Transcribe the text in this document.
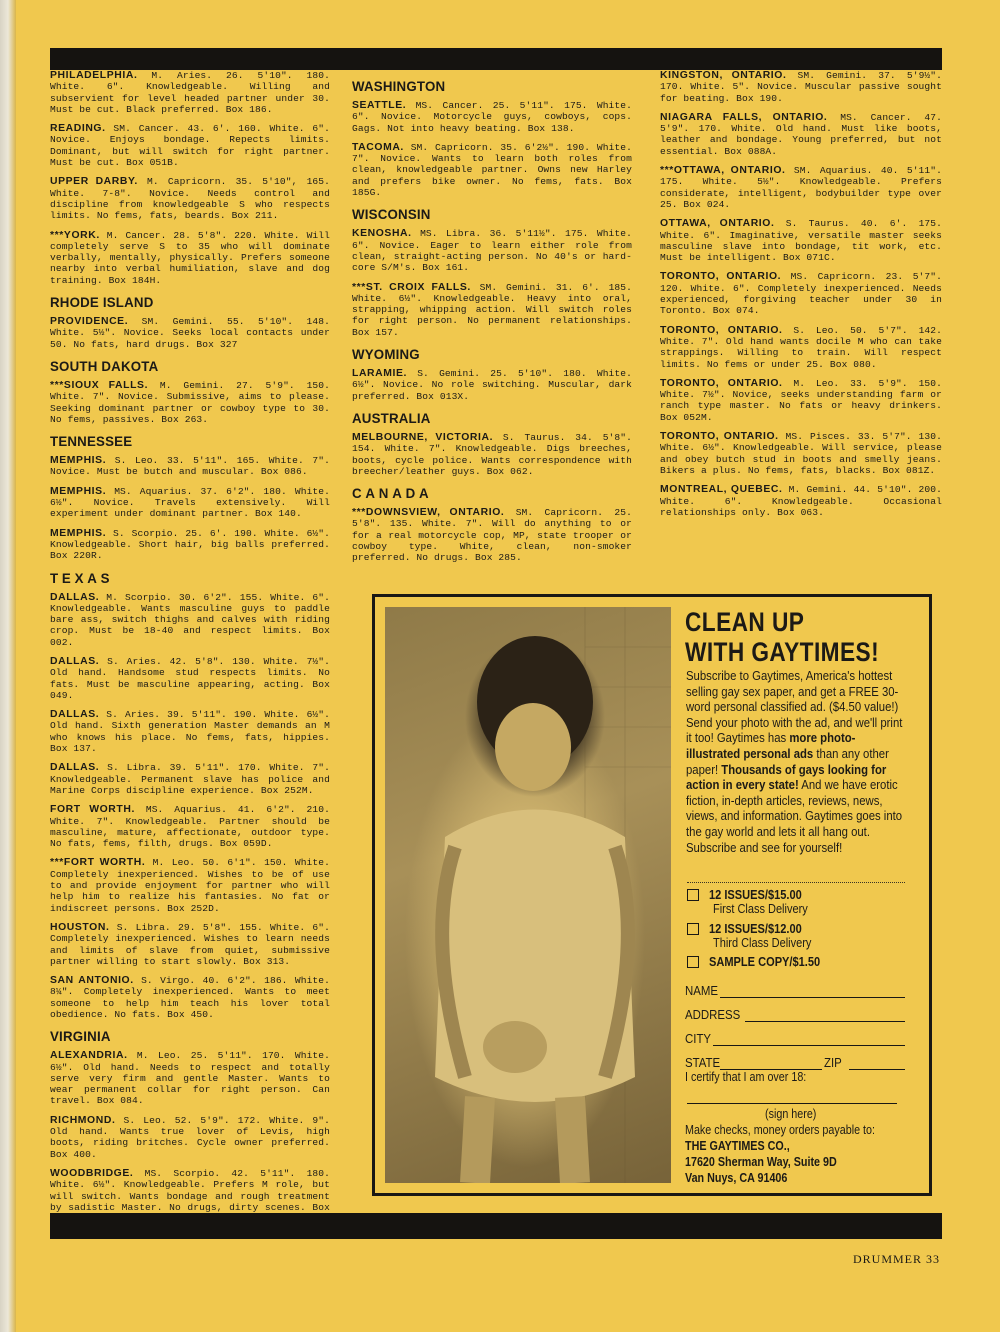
PHILADELPHIA. M. Aries. 26. 5'10". 180. White. 6". Knowledgeable. Willing and subservient for level headed partner under 30. Must be cut. Black preferred. Box 186.
READING. SM. Cancer. 43. 6'. 160. White. 6". Novice. Enjoys bondage. Repects limits. Dominant, but will switch for right partner. Must be cut. Box 051B.
UPPER DARBY. M. Capricorn. 35. 5'10", 165. White. 7-8". Novice. Needs control and discipline from knowledgeable S who respects limits. No fems, fats, beards. Box 211.
***YORK. M. Cancer. 28. 5'8". 220. White. Will completely serve S to 35 who will dominate verbally, mentally, physically. Prefers someone nearby into verbal humiliation, slave and dog training. Box 184H.
RHODE ISLAND
PROVIDENCE. SM. Gemini. 55. 5'10". 148. White. 5½". Novice. Seeks local contacts under 50. No fats, hard drugs. Box 327
SOUTH DAKOTA
***SIOUX FALLS. M. Gemini. 27. 5'9". 150. White. 7". Novice. Submissive, aims to please. Seeking dominant partner or cowboy type to 30. No fems, passives. Box 263.
TENNESSEE
MEMPHIS. S. Leo. 33. 5'11". 165. White. 7". Novice. Must be butch and muscular. Box 086.
MEMPHIS. MS. Aquarius. 37. 6'2". 180. White. 6½". Novice. Travels extensively. Will experiment under dominant partner. Box 140.
MEMPHIS. S. Scorpio. 25. 6'. 190. White. 6½". Knowledgeable. Short hair, big balls preferred. Box 220R.
TEXAS
DALLAS. M. Scorpio. 30. 6'2". 155. White. 6". Knowledgeable. Wants masculine guys to paddle bare ass, switch thighs and calves with riding crop. Must be 18-40 and respect limits. Box 002.
DALLAS. S. Aries. 42. 5'8". 130. White. 7½". Old hand. Handsome stud respects limits. No fats. Must be masculine appearing, acting. Box 049.
DALLAS. S. Aries. 39. 5'11". 190. White. 6½". Old hand. Sixth generation Master demands an M who knows his place. No fems, fats, hippies. Box 137.
DALLAS. S. Libra. 39. 5'11". 170. White. 7". Knowledgeable. Permanent slave has police and Marine Corps discipline experience. Box 252M.
FORT WORTH. MS. Aquarius. 41. 6'2". 210. White. 7". Knowledgeable. Partner should be masculine, mature, affectionate, outdoor type. No fats, fems, filth, drugs. Box 059D.
***FORT WORTH. M. Leo. 50. 6'1". 150. White. Completely inexperienced. Wishes to be of use to and provide enjoyment for partner who will help him to realize his fantasies. No fat or indiscreet persons. Box 252D.
HOUSTON. S. Libra. 29. 5'8". 155. White. 6". Completely inexperienced. Wishes to learn needs and limits of slave from quiet, submissive partner willing to start slowly. Box 313.
SAN ANTONIO. S. Virgo. 40. 6'2". 186. White. 8¼". Completely inexperienced. Wants to meet someone to help him teach his lover total obedience. No fats. Box 450.
VIRGINIA
ALEXANDRIA. M. Leo. 25. 5'11". 170. White. 6½". Old hand. Needs to respect and totally serve very firm and gentle Master. Wants to wear permanent collar for right person. Can travel. Box 084.
RICHMOND. S. Leo. 52. 5'9". 172. White. 9". Old hand. Wants true lover of Levis, high boots, riding britches. Cycle owner preferred. Box 400.
WOODBRIDGE. MS. Scorpio. 42. 5'11". 180. White. 6½". Knowledgeable. Prefers M role, but will switch. Wants bondage and rough treatment by sadistic Master. No drugs, dirty scenes. Box
WASHINGTON
SEATTLE. MS. Cancer. 25. 5'11". 175. White. 6". Novice. Motorcycle guys, cowboys, cops. Gags. Not into heavy beating. Box 138.
TACOMA. SM. Capricorn. 35. 6'2½". 190. White. 7". Novice. Wants to learn both roles from clean, knowledgeable partner. Owns new Harley and prefers bike owner. No fems, fats. Box 185G.
WISCONSIN
KENOSHA. MS. Libra. 36. 5'11½". 175. White. 6". Novice. Eager to learn either role from clean, straight-acting person. No 40's or hard-core S/M's. Box 161.
***ST. CROIX FALLS. SM. Gemini. 31. 6'. 185. White. 6½". Knowledgeable. Heavy into oral, strapping, whipping action. Will switch roles for right person. No permanent relationships. Box 157.
WYOMING
LARAMIE. S. Gemini. 25. 5'10". 180. White. 6½". Novice. No role switching. Muscular, dark preferred. Box 013X.
AUSTRALIA
MELBOURNE, VICTORIA. S. Taurus. 34. 5'8". 154. White. 7". Knowledgeable. Digs breeches, boots, cycle police. Wants correspondence with breecher/leather guys. Box 062.
CANADA
***DOWNSVIEW, ONTARIO. SM. Capricorn. 25. 5'8". 135. White. 7". Will do anything to or for a real motorcycle cop, MP, state trooper or cowboy type. White, clean, non-smoker preferred. No drugs. Box 285.
KINGSTON, ONTARIO. SM. Gemini. 37. 5'9½". 170. White. 5". Novice. Muscular passive sought for beating. Box 190.
NIAGARA FALLS, ONTARIO. MS. Cancer. 47. 5'9". 170. White. Old hand. Must like boots, leather and bondage. Young preferred, but not essential. Box 088A.
***OTTAWA, ONTARIO. SM. Aquarius. 40. 5'11". 175. White. 5½". Knowledgeable. Prefers considerate, intelligent, bodybuilder type over 25. Box 024.
OTTAWA, ONTARIO. S. Taurus. 40. 6'. 175. White. 6". Imaginative, versatile master seeks masculine slave into bondage, tit work, etc. Must be intelligent. Box 071C.
TORONTO, ONTARIO. MS. Capricorn. 23. 5'7". 120. White. 6". Completely inexperienced. Needs experienced, forgiving teacher under 30 in Toronto. Box 074.
TORONTO, ONTARIO. S. Leo. 50. 5'7". 142. White. 7". Old hand wants docile M who can take strappings. Willing to train. Will respect limits. No fems or under 25. Box 080.
TORONTO, ONTARIO. M. Leo. 33. 5'9". 150. White. 7½". Novice, seeks understanding farm or ranch type master. No fats or heavy drinkers. Box 052M.
TORONTO, ONTARIO. MS. Pisces. 33. 5'7". 130. White. 6½". Knowledgeable. Will service, please and obey butch stud in boots and smelly jeans. Bikers a plus. No fems, fats, blacks. Box 081Z.
MONTREAL, QUEBEC. M. Gemini. 44. 5'10". 200. White. 6". Knowledgeable. Occasional relationships only. Box 063.
CLEAN UP
WITH GAYTIMES!
Subscribe to Gaytimes, America's hottest selling gay sex paper, and get a FREE 30-word personal classified ad. ($4.50 value!) Send your photo with the ad, and we'll print it too! Gaytimes has more photo-illustrated personal ads than any other paper! Thousands of gays looking for action in every state! And we have erotic fiction, in-depth articles, reviews, news, views, and information. Gaytimes goes into the gay world and lets it all hang out. Subscribe and see for yourself!
12 ISSUES/$15.00
First Class Delivery
12 ISSUES/$12.00
Third Class Delivery
SAMPLE COPY/$1.50
NAME
ADDRESS
CITY
STATE	ZIP
I certify that I am over 18:
(sign here)
Make checks, money orders payable to:
THE GAYTIMES CO.,
17620 Sherman Way, Suite 9D
Van Nuys, CA 91406
DRUMMER 33
